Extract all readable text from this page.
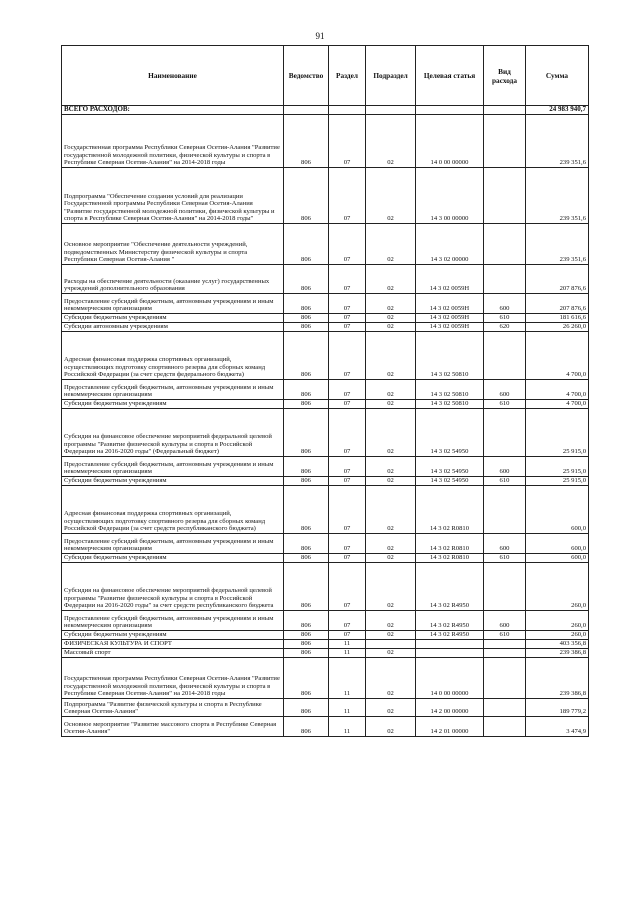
91
Наименование	Ведомство	Раздел	Подраздел	Целевая статья	Вид расхода	Сумма
ВСЕГО РАСХОДОВ:						24 983 940,7
Государственная программа Республики Северная Осетия-Алания "Развитие государственной молодежной политики, физической культуры и спорта в Республике Северная Осетия-Алания" на 2014-2018 годы	806	07	02	14 0 00 00000		239 351,6
Подпрограмма "Обеспечение создания условий для реализации Государственной программы Республики Северная Осетия-Алания "Развитие государственной молодежной политики, физической культуры и спорта в Республике Северная Осетия-Алания" на 2014-2018 годы"	806	07	02	14 3 00 00000		239 351,6
Основное мероприятие "Обеспечение деятельности учреждений, подведомственных Министерству физической культуры и спорта Республики Северная Осетия-Алания "	806	07	02	14 3 02 00000		239 351,6
Расходы на обеспечение деятельности (оказание услуг) государственных учреждений дополнительного образования	806	07	02	14 3 02 0059Н		207 876,6
Предоставление субсидий бюджетным, автономным учреждениям и иным некоммерческим организациям	806	07	02	14 3 02 0059Н	600	207 876,6
Субсидии бюджетным учреждениям	806	07	02	14 3 02 0059Н	610	181 616,6
Субсидии автономным учреждениям	806	07	02	14 3 02 0059Н	620	26 260,0
Адресная финансовая поддержка спортивных организаций, осуществляющих подготовку спортивного резерва для сборных команд Российской Федерации (за счет средств федерального бюджета)	806	07	02	14 3 02 50810		4 700,0
Предоставление субсидий бюджетным, автономным учреждениям и иным некоммерческим организациям	806	07	02	14 3 02 50810	600	4 700,0
Субсидии бюджетным учреждениям	806	07	02	14 3 02 50810	610	4 700,0
Субсидия на финансовое обеспечение мероприятий федеральной целевой программы "Развитие физической культуры и спорта в Российской Федерации на 2016-2020 годы" (Федеральный бюджет)	806	07	02	14 3 02 54950		25 915,0
Предоставление субсидий бюджетным, автономным учреждениям и иным некоммерческим организациям	806	07	02	14 3 02 54950	600	25 915,0
Субсидии бюджетным учреждениям	806	07	02	14 3 02 54950	610	25 915,0
Адресная финансовая поддержка спортивных организаций, осуществляющих подготовку спортивного резерва для сборных команд Российской Федерации (за счет средств республиканского бюджета)	806	07	02	14 3 02 R0810		600,0
Предоставление субсидий бюджетным, автономным учреждениям и иным некоммерческим организациям	806	07	02	14 3 02 R0810	600	600,0
Субсидии бюджетным учреждениям	806	07	02	14 3 02 R0810	610	600,0
Субсидия на финансовое обеспечение мероприятий федеральной целевой программы "Развитие физической культуры и спорта в Российской Федерации на 2016-2020 годы" за счет средств республиканского бюджета	806	07	02	14 3 02 R4950		260,0
Предоставление субсидий бюджетным, автономным учреждениям и иным некоммерческим организациям	806	07	02	14 3 02 R4950	600	260,0
Субсидии бюджетным учреждениям	806	07	02	14 3 02 R4950	610	260,0
ФИЗИЧЕСКАЯ КУЛЬТУРА И СПОРТ	806	11				403 356,8
Массовый спорт	806	11	02			239 386,8
Государственная программа Республики Северная Осетия-Алания "Развитие государственной молодежной политики, физической культуры и спорта в Республике Северная Осетия-Алания" на 2014-2018 годы	806	11	02	14 0 00 00000		239 386,8
Подпрограмма "Развитие физической культуры и спорта в Республике Северная Осетия-Алания"	806	11	02	14 2 00 00000		189 779,2
Основное мероприятие "Развитие массового спорта в Республике Северная Осетия-Алания"	806	11	02	14 2 01 00000		3 474,9
